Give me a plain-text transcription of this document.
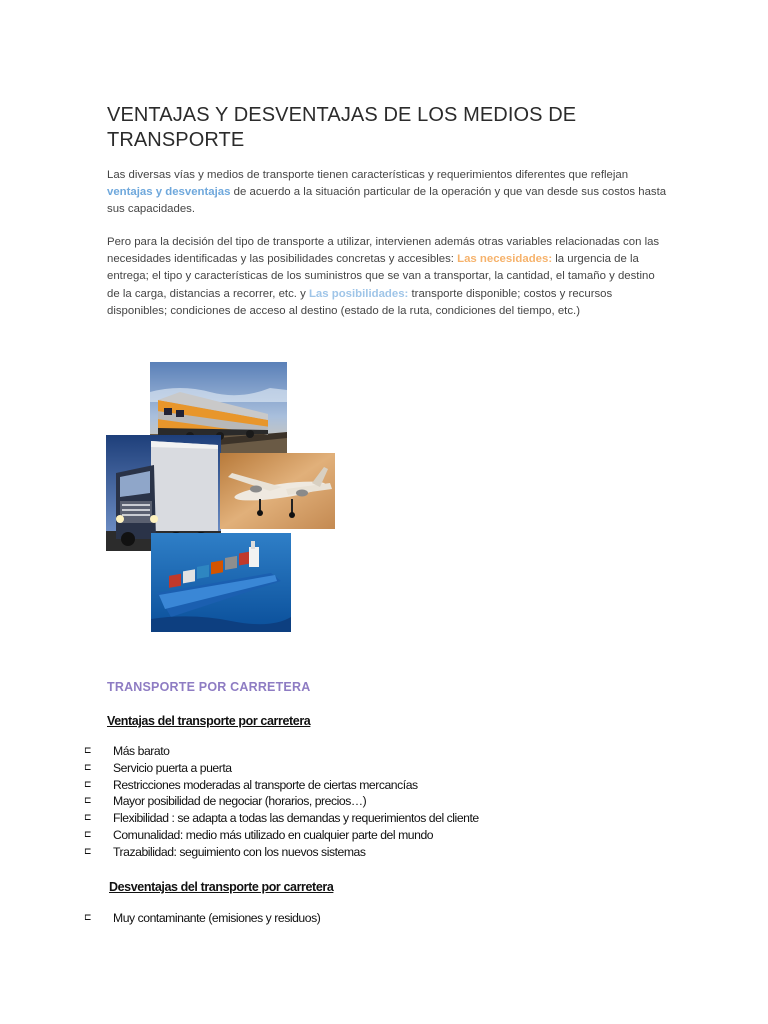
VENTAJAS Y DESVENTAJAS DE LOS MEDIOS DE TRANSPORTE

Las diversas vías y medios de transporte tienen características y requerimientos diferentes que reflejan ventajas y desventajas de acuerdo a la situación particular de la operación y que van desde sus costos hasta sus capacidades.

Pero para la decisión del tipo de transporte a utilizar, intervienen además otras variables relacionadas con las necesidades identificadas y las posibilidades concretas y accesibles: Las necesidades: la urgencia de la entrega; el tipo y características de los suministros que se van a transportar, la cantidad, el tamaño y destino de la carga, distancias a recorrer, etc. y Las posibilidades: transporte disponible; costos y recursos disponibles; condiciones de acceso al destino (estado de la ruta, condiciones del tiempo, etc.)

TRANSPORTE POR CARRETERA
Ventajas del transporte por carretera
⊏ Más barato
⊏ Servicio puerta a puerta
⊏ Restricciones moderadas al transporte de ciertas mercancías
⊏ Mayor posibilidad de negociar (horarios, precios…)
⊏ Flexibilidad : se adapta a todas las demandas y requerimientos del cliente
⊏ Comunalidad: medio más utilizado en cualquier parte del mundo
⊏ Trazabilidad: seguimiento con los nuevos sistemas
Desventajas del transporte por carretera
⊏ Muy contaminante (emisiones y residuos)
